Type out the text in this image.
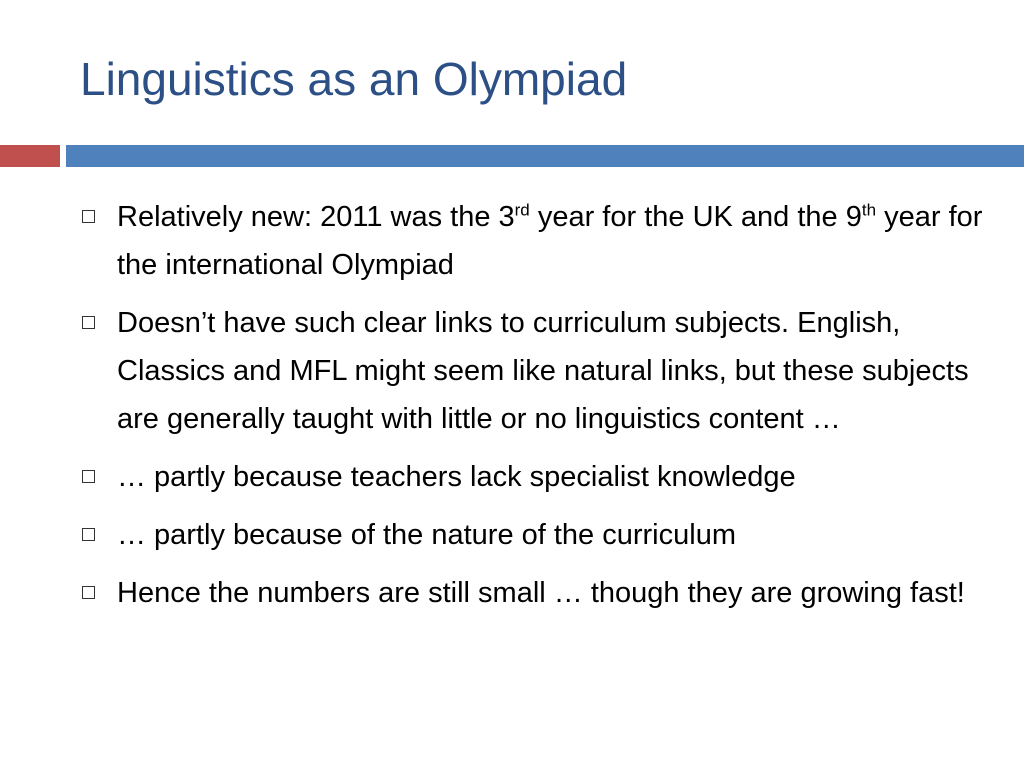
Linguistics as an Olympiad
Relatively new: 2011 was the 3rd year for the UK and the 9th year for the international Olympiad
Doesn’t have such clear links to curriculum subjects. English, Classics and MFL might seem like natural links, but these subjects are generally taught with little or no linguistics content …
… partly because teachers lack specialist knowledge
… partly because of the nature of the curriculum
Hence the numbers are still small … though they are growing fast!
